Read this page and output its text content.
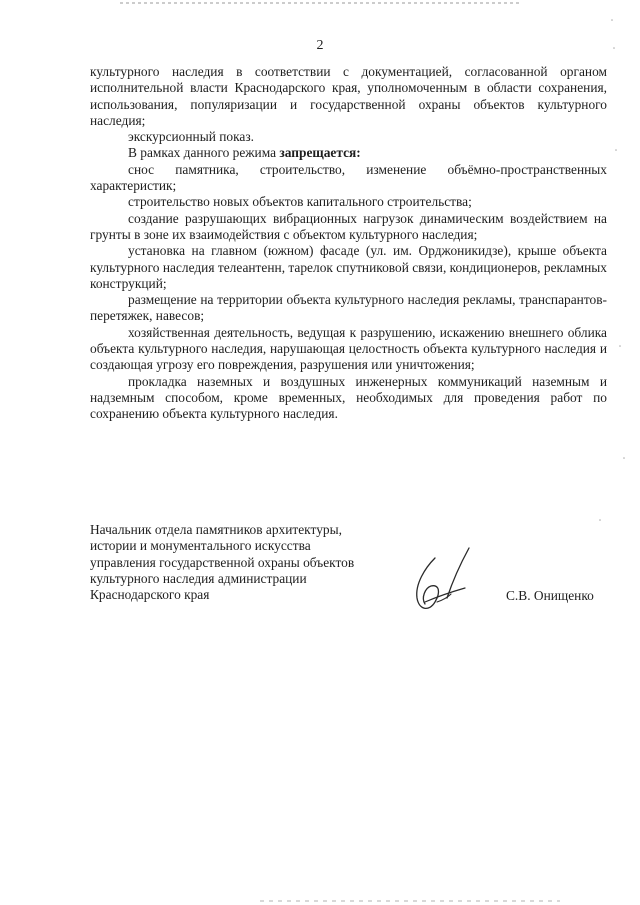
2

культурного наследия в соответствии с документацией, согласованной органом исполнительной власти Краснодарского края, уполномоченным в области сохранения, использования, популяризации и государственной охраны объектов культурного наследия;

экскурсионный показ.

В рамках данного режима запрещается:

снос памятника, строительство, изменение объёмно-пространственных характеристик;

строительство новых объектов капитального строительства;

создание разрушающих вибрационных нагрузок динамическим воздействием на грунты в зоне их взаимодействия с объектом культурного наследия;

установка на главном (южном) фасаде (ул. им. Орджоникидзе), крыше объекта культурного наследия телеантенн, тарелок спутниковой связи, кондиционеров, рекламных конструкций;

размещение на территории объекта культурного наследия рекламы, транспарантов-перетяжек, навесов;

хозяйственная деятельность, ведущая к разрушению, искажению внешнего облика объекта культурного наследия, нарушающая целостность объекта культурного наследия и создающая угрозу его повреждения, разрушения или уничтожения;

прокладка наземных и воздушных инженерных коммуникаций наземным и надземным способом, кроме временных, необходимых для проведения работ по сохранению объекта культурного наследия.

Начальник отдела памятников архитектуры,
истории и монументального искусства
управления государственной охраны объектов
культурного наследия администрации
Краснодарского края	С.В. Онищенко
